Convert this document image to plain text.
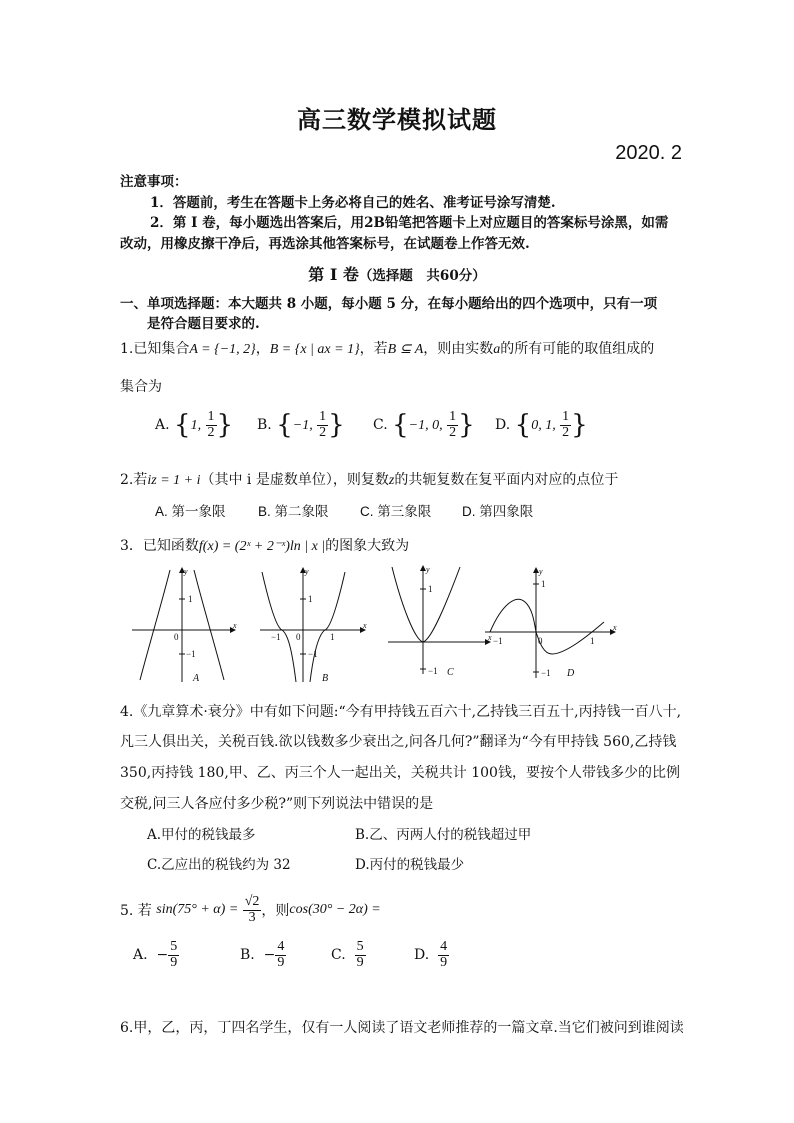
高三数学模拟试题
2020. 2
注意事项：
1．答题前，考生在答题卡上务必将自己的姓名、准考证号涂写清楚.
2．第 I 卷，每小题选出答案后，用2B铅笔把答题卡上对应题目的答案标号涂黑，如需
改动，用橡皮擦干净后，再选涂其他答案标号，在试题卷上作答无效.
第 I 卷（选择题　共60分）
一、单项选择题：本大题共 8 小题，每小题 5 分，在每小题给出的四个选项中，只有一项
是符合题目要求的.
1.已知集合A = {−1, 2}，B = {x | ax = 1}，若B ⊆ A，则由实数a的所有可能的取值组成的
集合为
A. {1, $\frac{1}{2}$ } B. {−1, $\frac{1}{2}$ } C. {−1, 0, $\frac{1}{2}$ } D. {0, 1, $\frac{1}{2}$ }
2.若iz = 1 + i（其中 i 是虚数单位），则复数z的共轭复数在复平面内对应的点位于
A. 第一象限 B. 第二象限 C. 第三象限 D. 第四象限
3．已知函数f(x) = (2ˣ + 2⁻ˣ)ln | x |的图象大致为
0
1
−1
x
y
A
−1 0	1
1
−1
x
y
B
1
−1
x
y
C
−1	0	1
1
−1
x
y
D
4.《九章算术·衰分》中有如下问题:“今有甲持钱五百六十,乙持钱三百五十,丙持钱一百八十,
凡三人俱出关，关税百钱.欲以钱数多少衰出之,问各几何?”翻译为“今有甲持钱 560,乙持钱
350,丙持钱 180,甲、乙、丙三个人一起出关，关税共计 100钱，要按个人带钱多少的比例
交税,问三人各应付多少税?”则下列说法中错误的是
A.甲付的税钱最多	B.乙、丙两人付的税钱超过甲
C.乙应出的税钱约为 32	D.丙付的税钱最少
5. 若
sin(75° + α) =
$\frac{√2}{3}$ ，则 cos(30° − 2α) =
A.
− $\frac{5}{9}$	B.
− $\frac{4}{9}$	C.
$\frac{5}{9}$	D.
$\frac{4}{9}$
6.甲，乙，丙，丁四名学生，仅有一人阅读了语文老师推荐的一篇文章.当它们被问到谁阅读
